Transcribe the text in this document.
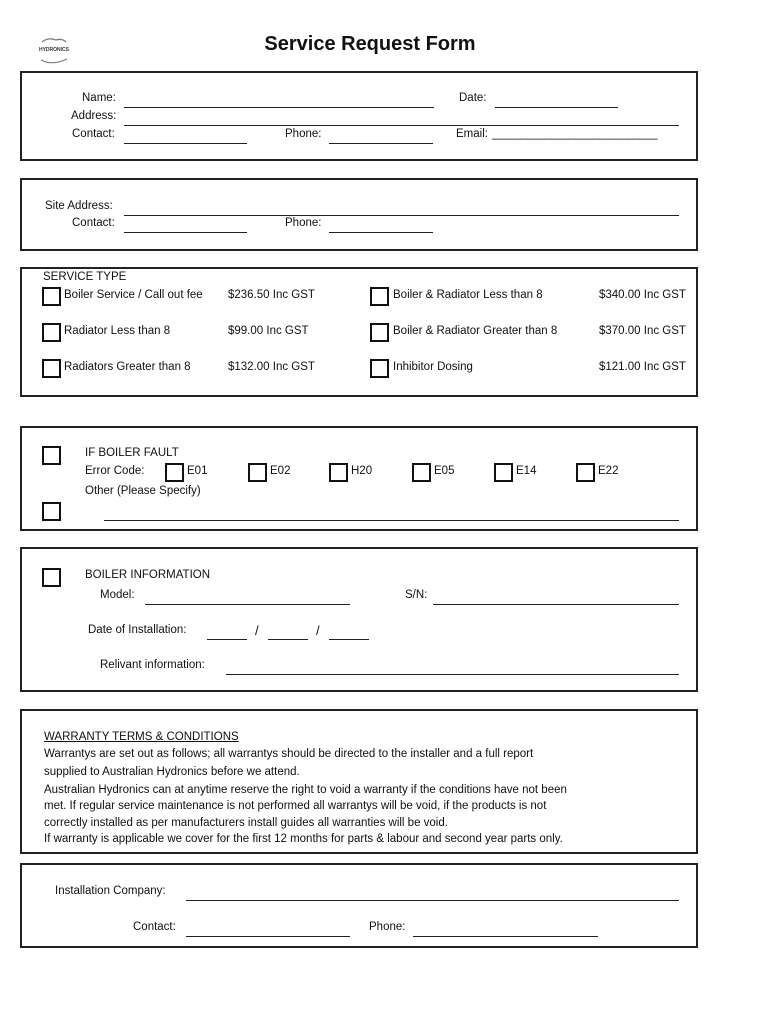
HYDRONICS	Service Request Form
Name:	Date:
Address:
Contact:	Phone:	Email: ____________________________
Site Address:
Contact:	Phone:
SERVICE TYPE
Boiler Service / Call out fee $236.50 Inc GST
Radiator Less than 8	$99.00 Inc GST
Radiators Greater than 8	$132.00 Inc GST
Boiler & Radiator Less than 8	$340.00 Inc GST
Boiler & Radiator Greater than 8	$370.00 Inc GST
Inhibitor Dosing	$121.00 Inc GST
IF BOILER FAULT
Error Code:	E01	E02	H20	E05	E14	E22
Other (Please Specify)
BOILER INFORMATION
Model:	S/N:
Date of Installation:	/	/
Relivant information:
WARRANTY TERMS & CONDITIONS
Warrantys are set out as follows; all warrantys should be directed to the installer and a full report
supplied to Australian Hydronics before we attend.
Australian Hydronics can at anytime reserve the right to void a warranty if the conditions have not been
met. If regular service maintenance is not performed all warrantys will be void, if the products is not
correctly installed as per manufacturers install guides all warranties will be void.
If warranty is applicable we cover for the first 12 months for parts & labour and second year parts only.
Installation Company:
Contact:	Phone:
